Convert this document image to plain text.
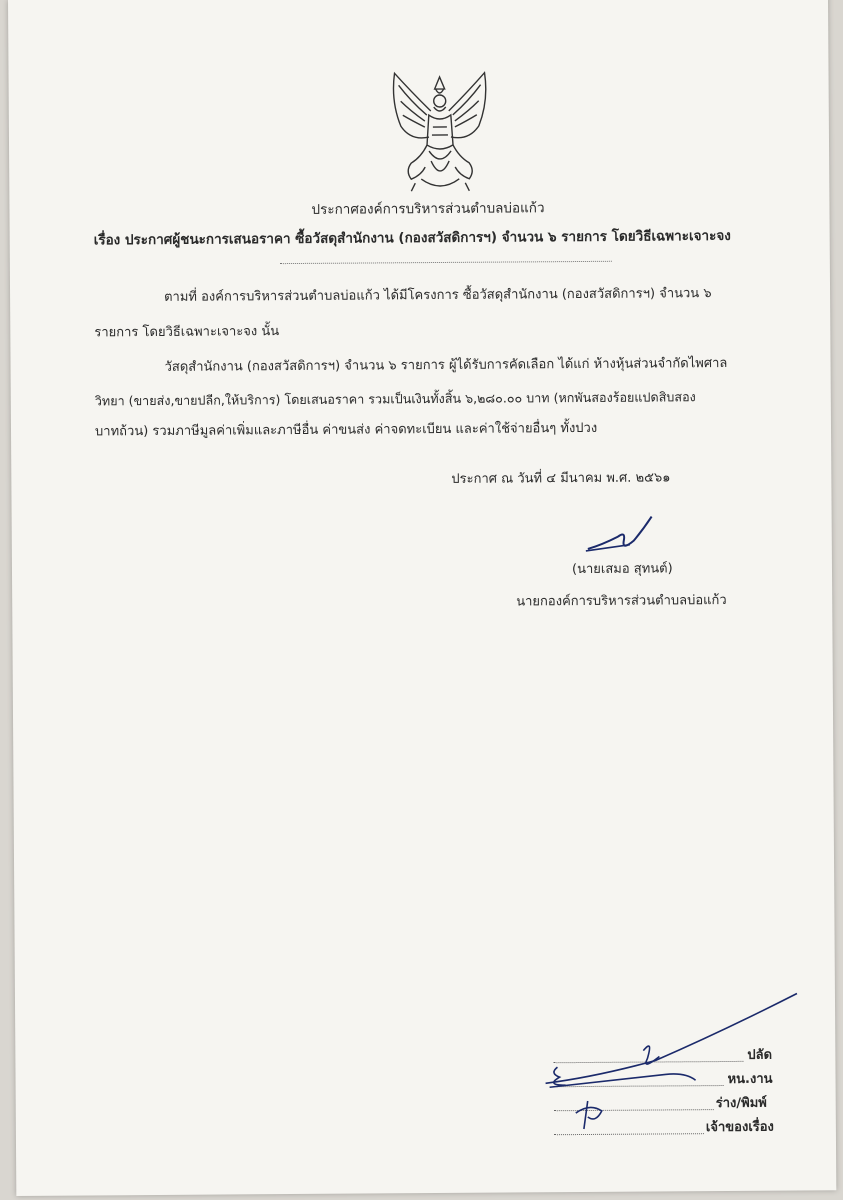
ประกาศองค์การบริหารส่วนตำบลบ่อแก้ว
เรื่อง ประกาศผู้ชนะการเสนอราคา ซื้อวัสดุสำนักงาน (กองสวัสดิการฯ) จำนวน ๖ รายการ โดยวิธีเฉพาะเจาะจง
ตามที่ องค์การบริหารส่วนตำบลบ่อแก้ว ได้มีโครงการ ซื้อวัสดุสำนักงาน (กองสวัสดิการฯ) จำนวน ๖
รายการ โดยวิธีเฉพาะเจาะจง นั้น
วัสดุสำนักงาน (กองสวัสดิการฯ) จำนวน ๖ รายการ ผู้ได้รับการคัดเลือก ได้แก่ ห้างหุ้นส่วนจำกัดไพศาล
วิทยา (ขายส่ง,ขายปลีก,ให้บริการ) โดยเสนอราคา รวมเป็นเงินทั้งสิ้น ๖,๒๘๐.๐๐ บาท (หกพันสองร้อยแปดสิบสอง
บาทถ้วน) รวมภาษีมูลค่าเพิ่มและภาษีอื่น ค่าขนส่ง ค่าจดทะเบียน และค่าใช้จ่ายอื่นๆ ทั้งปวง
ประกาศ ณ วันที่ ๔ มีนาคม พ.ศ. ๒๕๖๑
(นายเสมอ สุทนต์)
นายกองค์การบริหารส่วนตำบลบ่อแก้ว
ปลัด
หน.งาน
ร่าง/พิมพ์
เจ้าของเรื่อง
